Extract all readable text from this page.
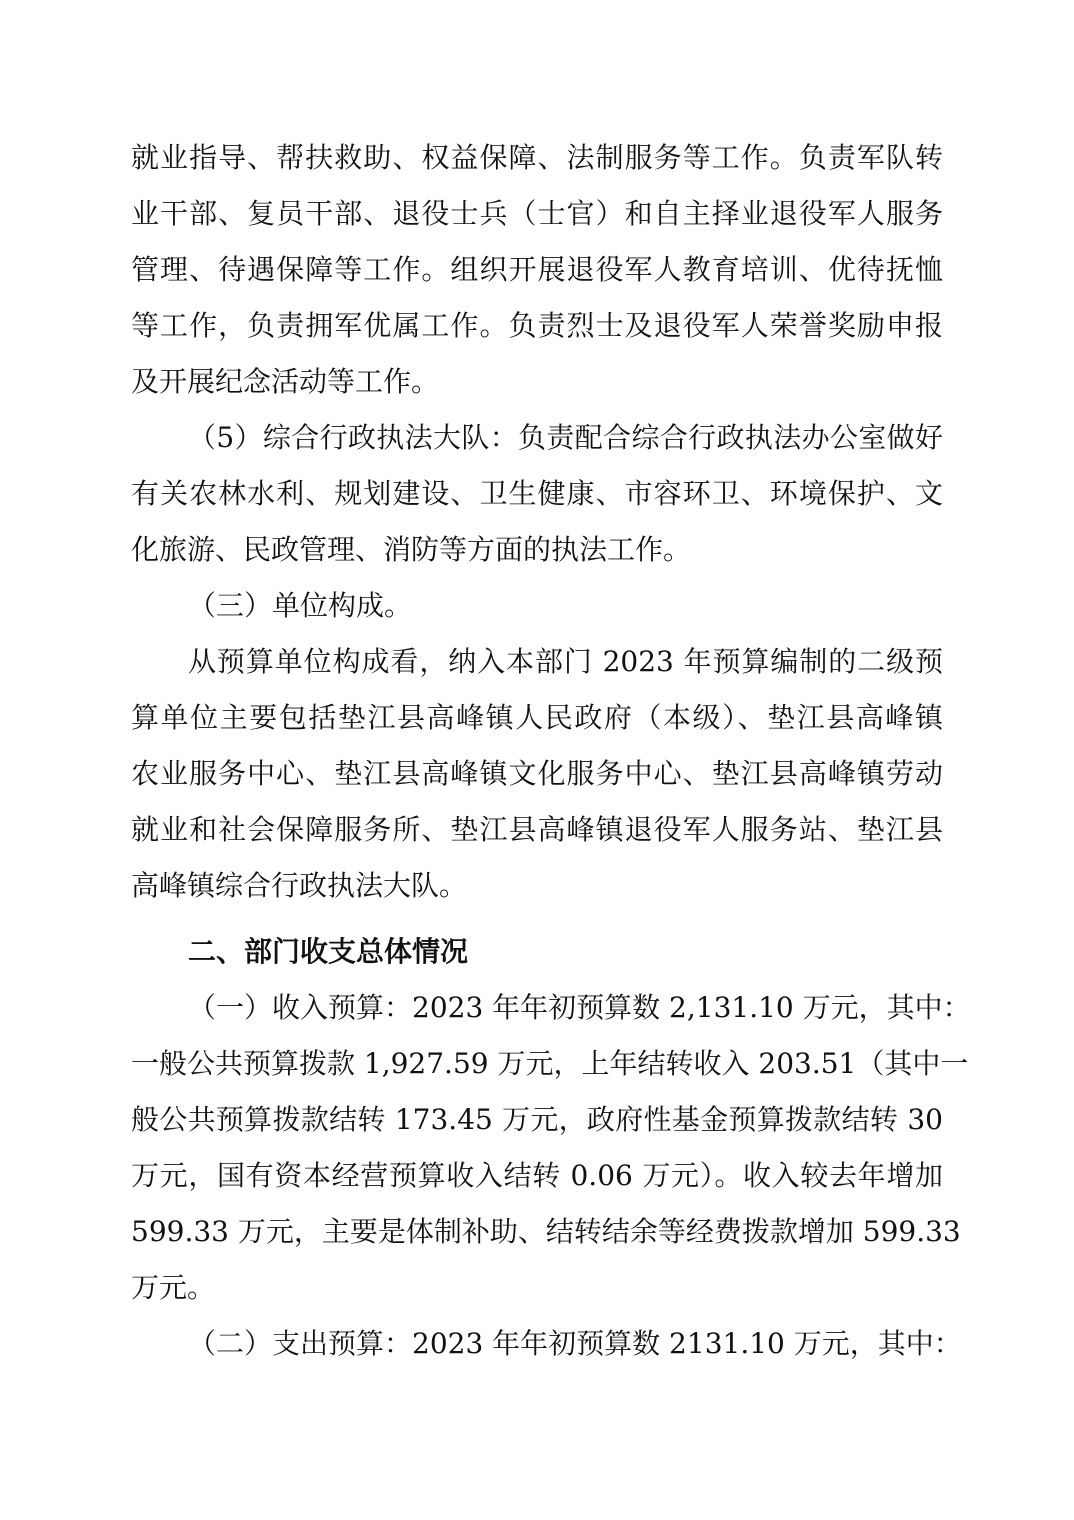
就业指导、帮扶救助、权益保障、法制服务等工作。负责军队转
业干部、复员干部、退役士兵（士官）和自主择业退役军人服务
管理、待遇保障等工作。组织开展退役军人教育培训、优待抚恤
等工作，负责拥军优属工作。负责烈士及退役军人荣誉奖励申报
及开展纪念活动等工作。
（5）综合行政执法大队：负责配合综合行政执法办公室做好
有关农林水利、规划建设、卫生健康、市容环卫、环境保护、文
化旅游、民政管理、消防等方面的执法工作。
（三）单位构成。
从预算单位构成看，纳入本部门 2023 年预算编制的二级预
算单位主要包括垫江县高峰镇人民政府（本级）、垫江县高峰镇
农业服务中心、垫江县高峰镇文化服务中心、垫江县高峰镇劳动
就业和社会保障服务所、垫江县高峰镇退役军人服务站、垫江县
高峰镇综合行政执法大队。
二、部门收支总体情况
（一）收入预算：2023 年年初预算数 2,131.10 万元，其中：
一般公共预算拨款 1,927.59 万元，上年结转收入 203.51（其中一
般公共预算拨款结转 173.45 万元，政府性基金预算拨款结转 30
万元，国有资本经营预算收入结转 0.06 万元）。收入较去年增加
599.33 万元，主要是体制补助、结转结余等经费拨款增加 599.33
万元。
（二）支出预算：2023 年年初预算数 2131.10 万元，其中：
